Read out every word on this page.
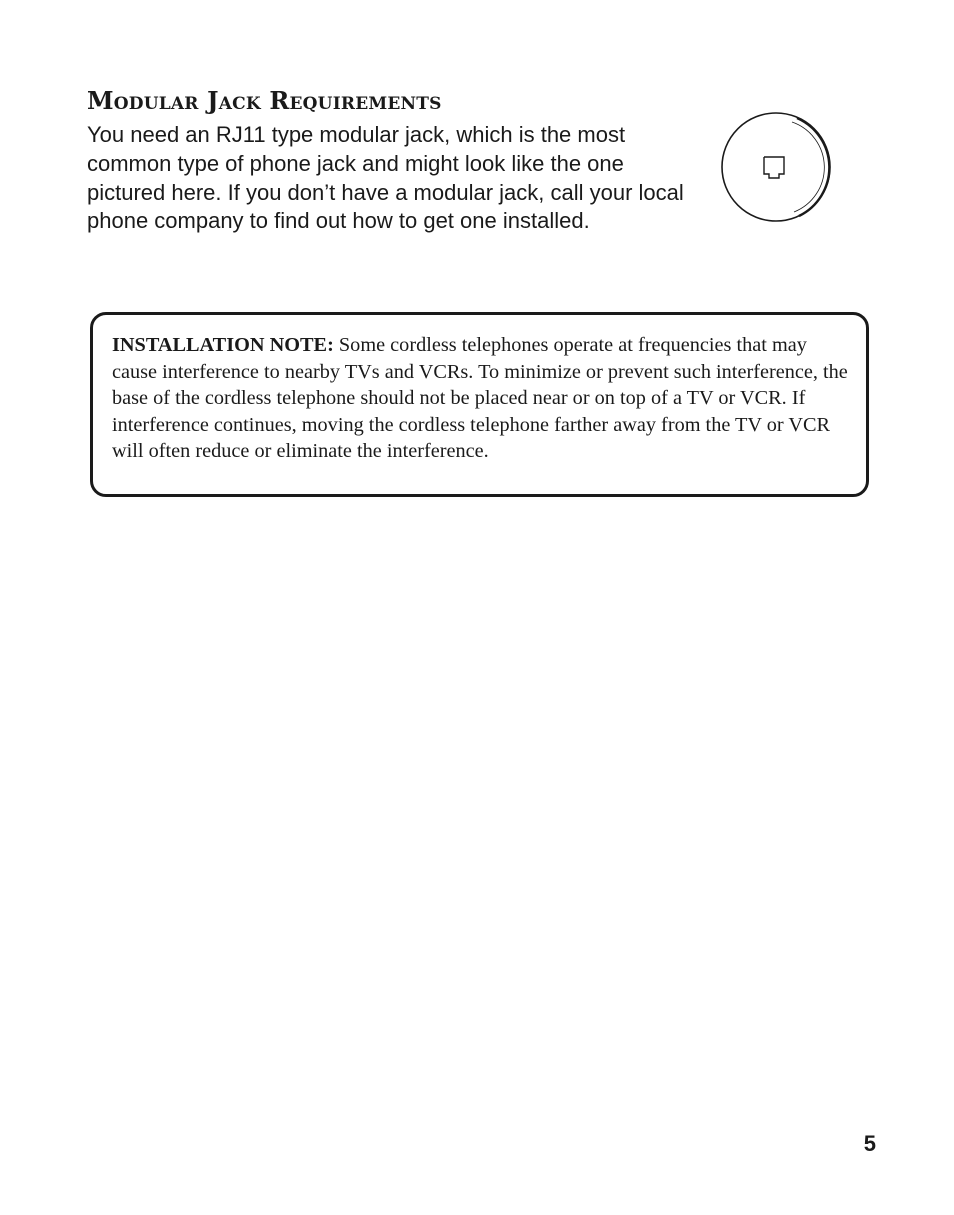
Modular Jack Requirements

You need an RJ11 type modular jack, which is the most common type of phone jack and might look like the one pictured here. If you don’t have a modular jack, call your local phone company to find out how to get one installed.

INSTALLATION NOTE: Some cordless telephones operate at frequencies that may cause interference to nearby TVs and VCRs. To minimize or prevent such interference, the base of the cordless telephone should not be placed near or on top of a TV or VCR. If interference continues, moving the cordless telephone farther away from the TV or VCR will often reduce or eliminate the interference.

5
